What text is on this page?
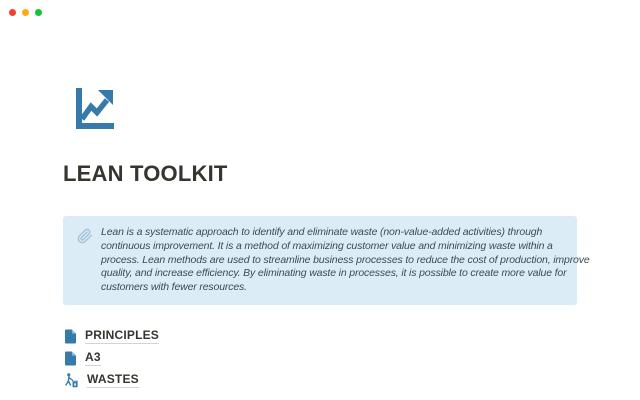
LEAN TOOLKIT
Lean is a systematic approach to identify and eliminate waste (non-value-added activities) through
continuous improvement. It is a method of maximizing customer value and minimizing waste within a
process. Lean methods are used to streamline business processes to reduce the cost of production, improve
quality, and increase efficiency. By eliminating waste in processes, it is possible to create more value for
customers with fewer resources.
PRINCIPLES
A3
WASTES
